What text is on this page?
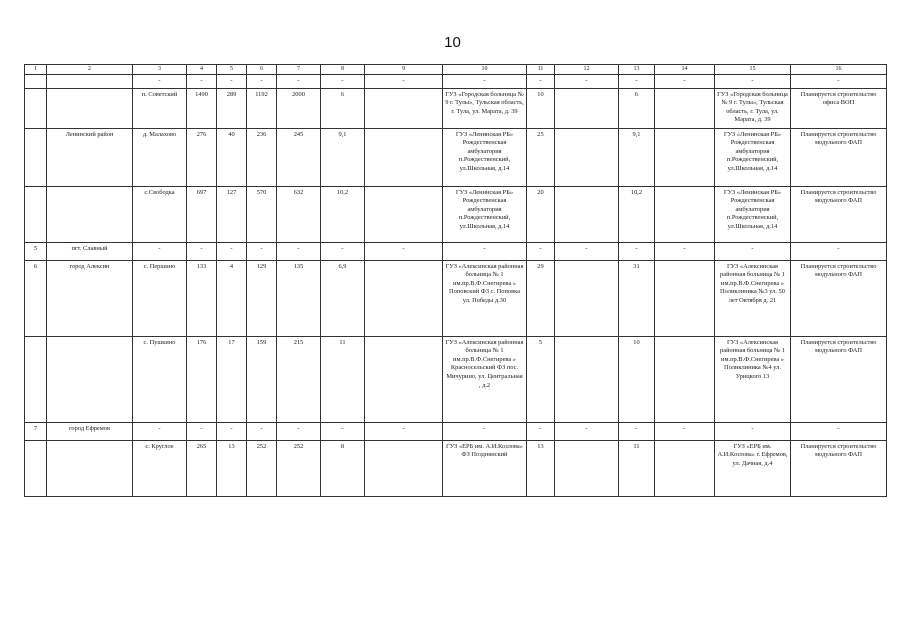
10
1	2	3	4	5	6	7	8	9	10	11	12	13	14	15	16
		-	-	-	-	-	-	-	-	-	-	-	-	-	-
		п. Советский	1490	289	1192	2000	6		ГУЗ «Городская больница № 9 г. Тулы», Тульская область, г. Тула, ул. Марата, д. 39	10		6		ГУЗ «Городская больница № 9 г. Тулы», Тульская область, г. Тула, ул. Марата, д. 39	Планируется строительство офиса ВОП
	Ленинский район	д. Малахово	276	40	236	245	9,1		ГУЗ «Ленинская РБ» Рождественская амбулатория п.Рождественский, ул.Школьная, д.14	25		9,1		ГУЗ «Ленинская РБ» Рождественская амбулатория п.Рождественский, ул.Школьная, д.14	Планируется строительство модульного ФАП
		с.Свободка	697	127	570	632	10,2		ГУЗ «Ленинская РБ» Рождественская амбулатория п.Рождественский, ул.Школьная, д.14	20		10,2		ГУЗ «Ленинская РБ» Рождественская амбулатория п.Рождественский, ул.Школьная, д.14	Планируется строительство модульного ФАП
5	пгт. Славный	-	-	-	-	-	-	-	-	-	-	-	-	-	-
6	город Алексин	с. Першино	133	4	129	135	6,9		ГУЗ «Алексинская районная больница № 1 им.пр.В.Ф.Снегирева » Поповский ФЗ с. Поповка ул. Победы д.30	29		31		ГУЗ «Алексинская районная больница № 1 им.пр.В.Ф.Снегирева » Поликлиника №3 ул. 50 лет Октября д. 21	Планируется строительство модульного ФАП
		с. Пушкино	176	17	159	215	11		ГУЗ «Алексинская районная больница № 1 им.пр.В.Ф.Снегирева » Красносельский ФЗ пос. Мичурино, ул. Центральная , д.2	5		10		ГУЗ «Алексинская районная больница № 1 им.пр.В.Ф.Снегирева » Поликлиника №4 ул. Урицкого 13	Планируется строительство модульного ФАП
7	город Ефремов	-	-	-	-	-	-	-	-	-	-	-	-	-	-
		с. Круглое	265	13	252	252	8		ГУЗ «ЕРБ им. А.И.Козлова» ФЗ Позднянский	13		11		ГУЗ «ЕРБ им. А.И.Козлова» г. Ефремов, ул. Дачная, д.4	Планируется строительство модульного ФАП
